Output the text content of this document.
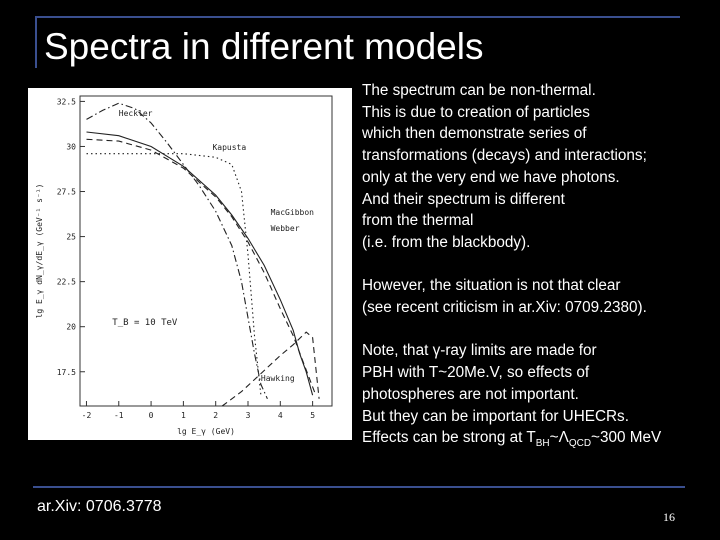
Spectra in different models
-2	-1	0	1	2	3	4	5
17.5
20
22.5
25
27.5
30
32.5
lg E_γ (GeV)
lg E_γ dN_γ/dE_γ (GeV⁻¹ s⁻¹)
Heckler
Kapusta
MacGibbon
Webber
Hawking
T_B = 10 TeV

The spectrum can be non-thermal.

This is due to creation of particles

which then demonstrate series of

transformations (decays) and interactions;

only at the very end we have photons.

And their spectrum is different

from the thermal

(i.e. from the blackbody).

However, the situation is not that clear

(see recent criticism in ar.Xiv: 0709.2380).

Note, that γ-ray limits are made for

PBH with T~20Me.V, so effects of

photospheres are not important.

But they can be important for UHECRs.

Effects can be strong at $T_{BH}\sim\Lambda_{QCD}\sim 300$ MeV

ar.Xiv: 0706.3778
16
